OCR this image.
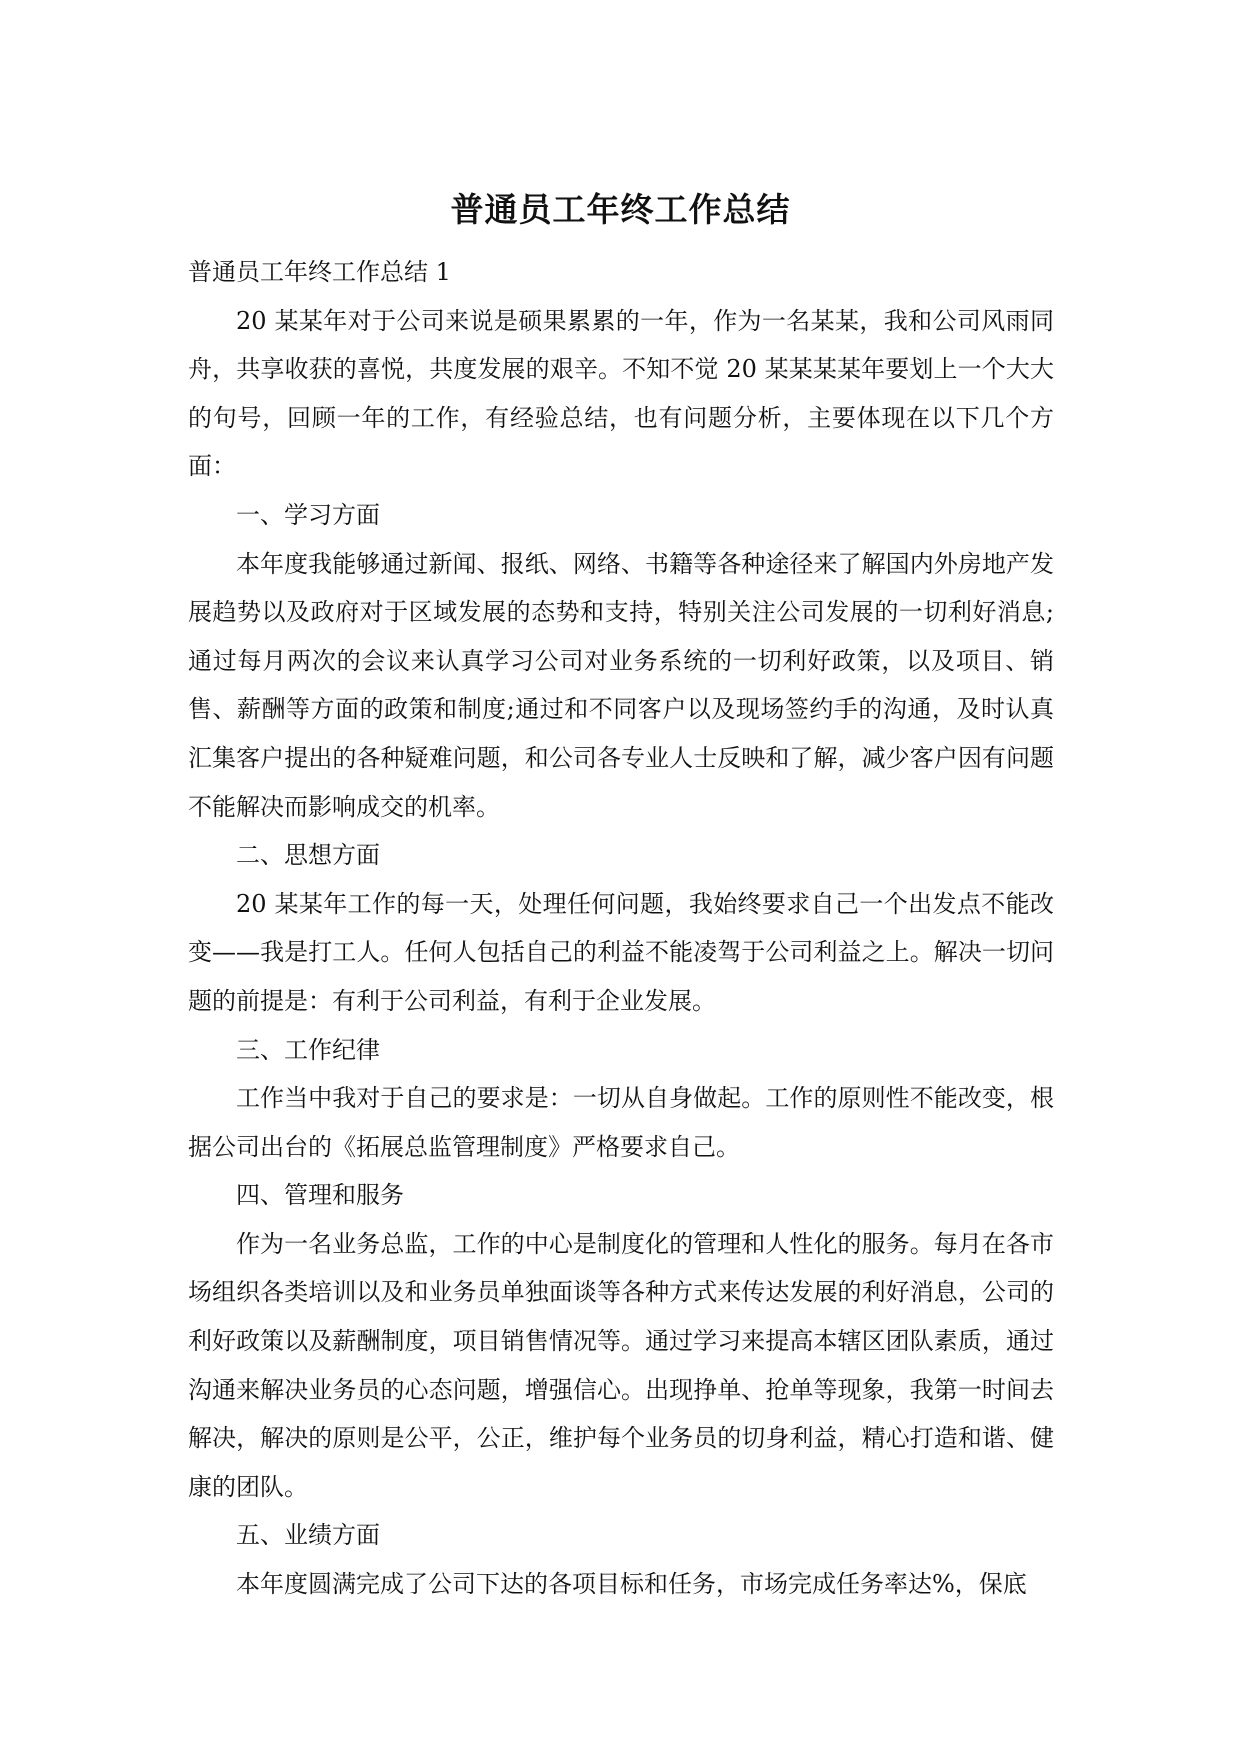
普通员工年终工作总结

普通员工年终工作总结 1

20 某某年对于公司来说是硕果累累的一年，作为一名某某，我和公司风雨同舟，共享收获的喜悦，共度发展的艰辛。不知不觉 20 某某某某年要划上一个大大的句号，回顾一年的工作，有经验总结，也有问题分析，主要体现在以下几个方面：

一、学习方面

本年度我能够通过新闻、报纸、网络、书籍等各种途径来了解国内外房地产发展趋势以及政府对于区域发展的态势和支持，特别关注公司发展的一切利好消息;通过每月两次的会议来认真学习公司对业务系统的一切利好政策，以及项目、销售、薪酬等方面的政策和制度;通过和不同客户以及现场签约手的沟通，及时认真汇集客户提出的各种疑难问题，和公司各专业人士反映和了解，减少客户因有问题不能解决而影响成交的机率。

二、思想方面

20 某某年工作的每一天，处理任何问题，我始终要求自己一个出发点不能改变——我是打工人。任何人包括自己的利益不能凌驾于公司利益之上。解决一切问题的前提是：有利于公司利益，有利于企业发展。

三、工作纪律

工作当中我对于自己的要求是：一切从自身做起。工作的原则性不能改变，根据公司出台的《拓展总监管理制度》严格要求自己。

四、管理和服务

作为一名业务总监，工作的中心是制度化的管理和人性化的服务。每月在各市场组织各类培训以及和业务员单独面谈等各种方式来传达发展的利好消息，公司的利好政策以及薪酬制度，项目销售情况等。通过学习来提高本辖区团队素质，通过沟通来解决业务员的心态问题，增强信心。出现挣单、抢单等现象，我第一时间去解决，解决的原则是公平，公正，维护每个业务员的切身利益，精心打造和谐、健康的团队。

五、业绩方面

本年度圆满完成了公司下达的各项目标和任务，市场完成任务率达%，保底
